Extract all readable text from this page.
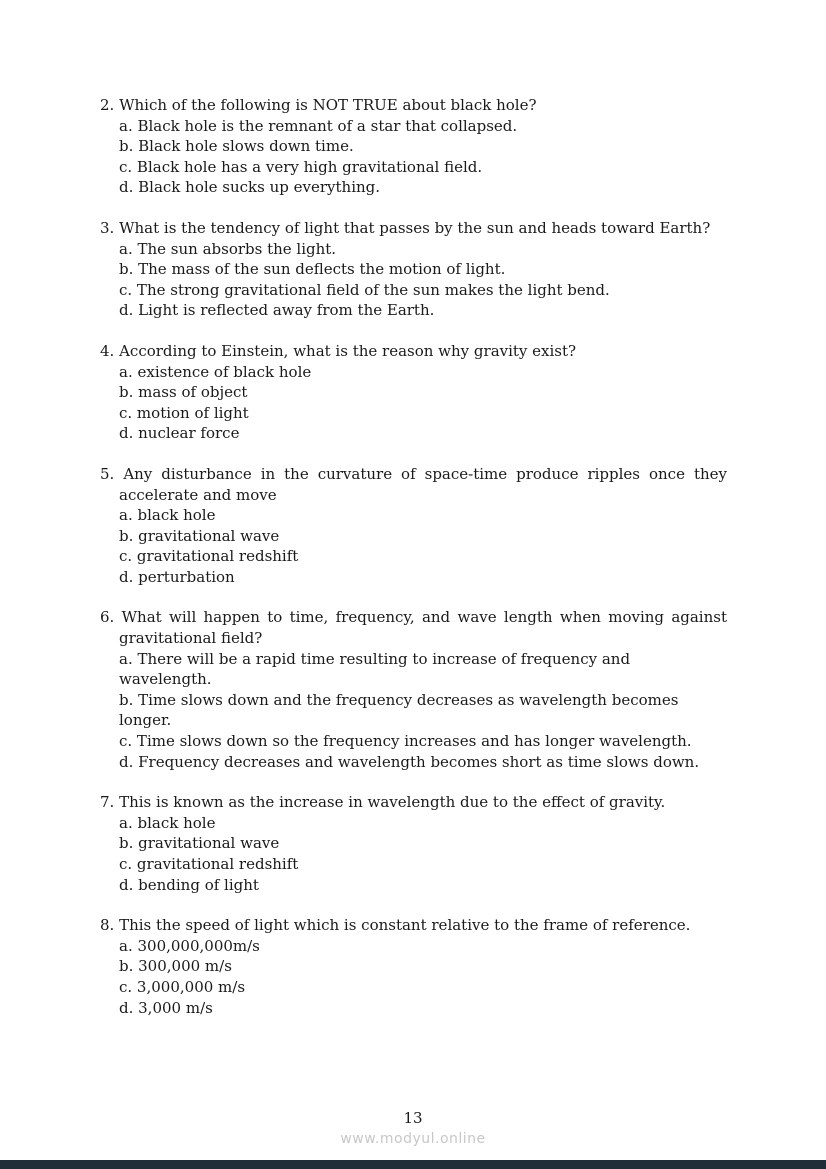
2. Which of the following is NOT TRUE about black hole?
a. Black hole is the remnant of a star that collapsed.
b. Black hole slows down time.
c. Black hole has a very high gravitational field.
d. Black hole sucks up everything.
3. What is the tendency of light that passes by the sun and heads toward Earth?
a. The sun absorbs the light.
b. The mass of the sun deflects the motion of light.
c. The strong gravitational field of the sun makes the light bend.
d. Light is reflected away from the Earth.
4. According to Einstein, what is the reason why gravity exist?
a. existence of black hole
b. mass of object
c. motion of light
d. nuclear force
5. Any disturbance in the curvature of space-time produce ripples once they accelerate and move
a. black hole
b. gravitational wave
c. gravitational redshift
d. perturbation
6. What will happen to time, frequency, and wave length when moving against gravitational field?
a. There will be a rapid time resulting to increase of frequency and wavelength.
b. Time slows down and the frequency decreases as wavelength becomes longer.
c. Time slows down so the frequency increases and has longer wavelength.
d. Frequency decreases and wavelength becomes short as time slows down.
7. This is known as the increase in wavelength due to the effect of gravity.
a. black hole
b. gravitational wave
c. gravitational redshift
d. bending of light
8. This the speed of light which is constant relative to the frame of reference.
a. 300,000,000m/s
b. 300,000 m/s
c. 3,000,000 m/s
d. 3,000 m/s
13
www.modyul.online
